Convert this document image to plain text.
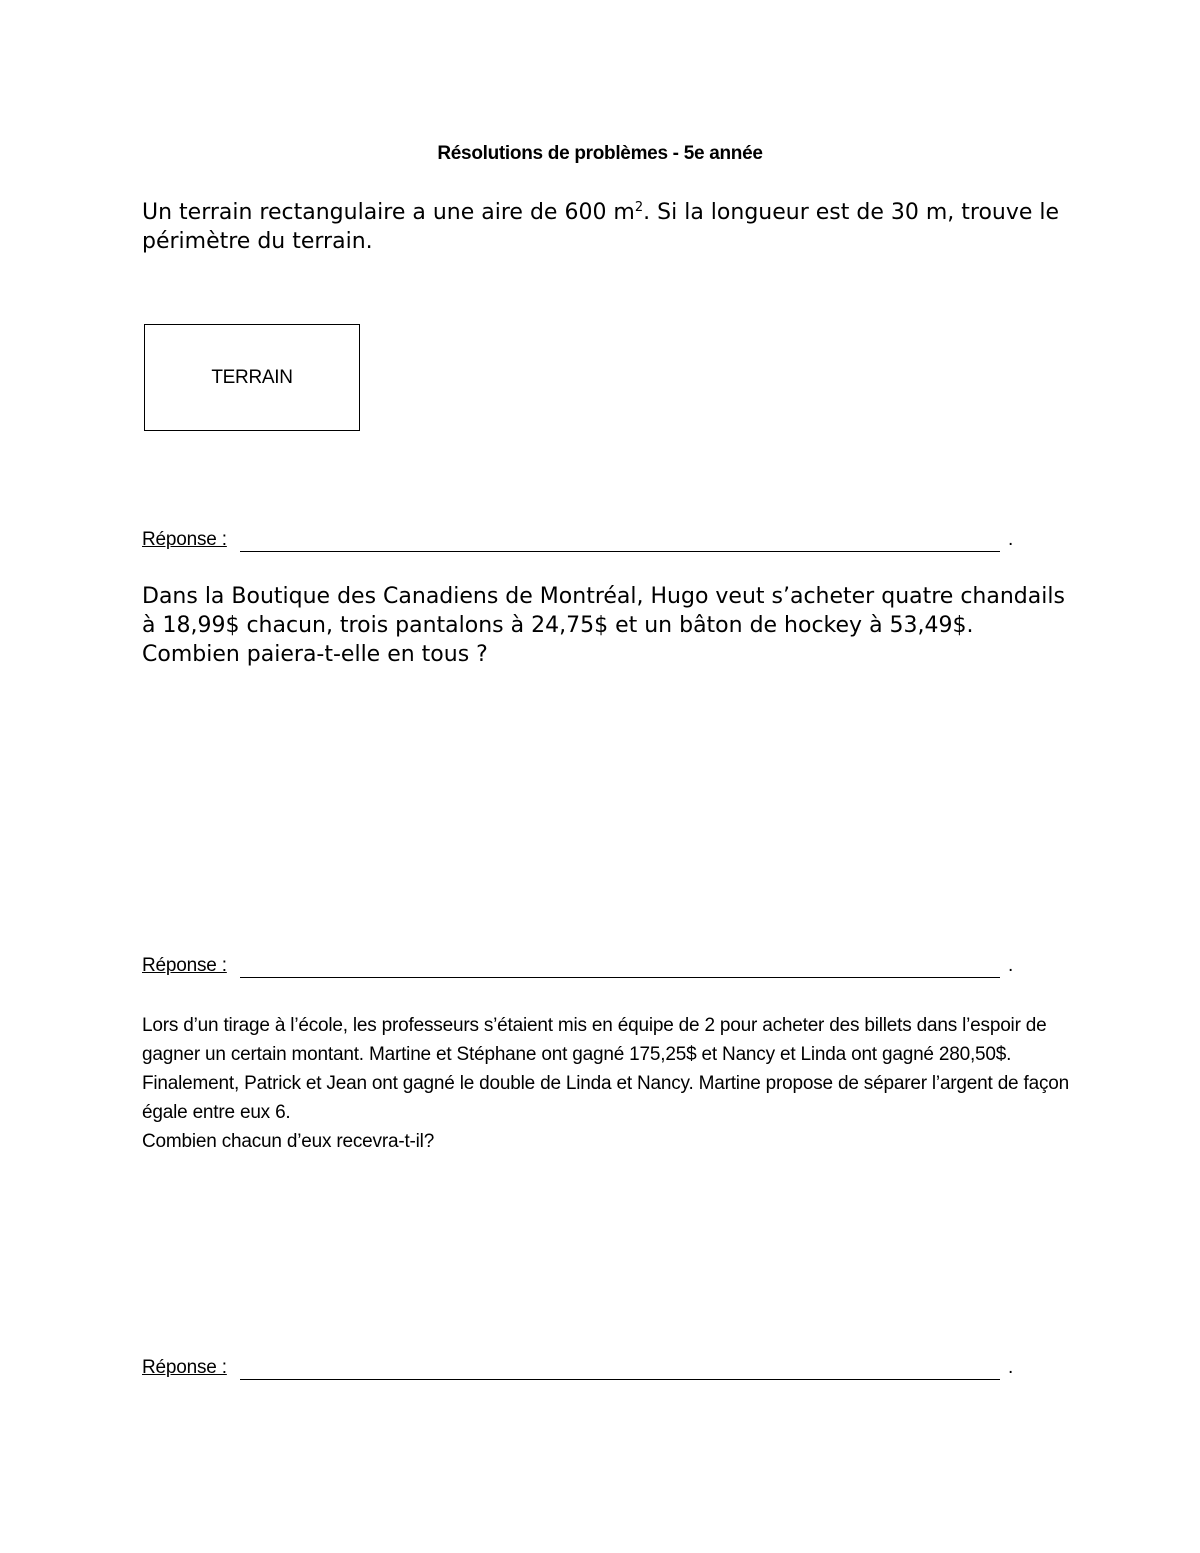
Résolutions de problèmes - 5e année

Un terrain rectangulaire a une aire de 600 $m^2$. Si la longueur est de 30 m, trouve le périmètre du terrain.

TERRAIN
Réponse :	.

Dans la Boutique des Canadiens de Montréal, Hugo veut s’acheter quatre chandails à 18,99$ chacun, trois pantalons à 24,75$ et un bâton de hockey à 53,49$. Combien paiera-t-elle en tous ?

Réponse :	.
Lors d’un tirage à l’école, les professeurs s’étaient mis en équipe de 2 pour acheter des billets dans l’espoir de gagner un certain montant. Martine et Stéphane ont gagné 175,25$ et Nancy et Linda ont gagné 280,50$. Finalement, Patrick et Jean ont gagné le double de Linda et Nancy. Martine propose de séparer l’argent de façon égale entre eux 6.
Combien chacun d’eux recevra-t-il?
Réponse :	.
